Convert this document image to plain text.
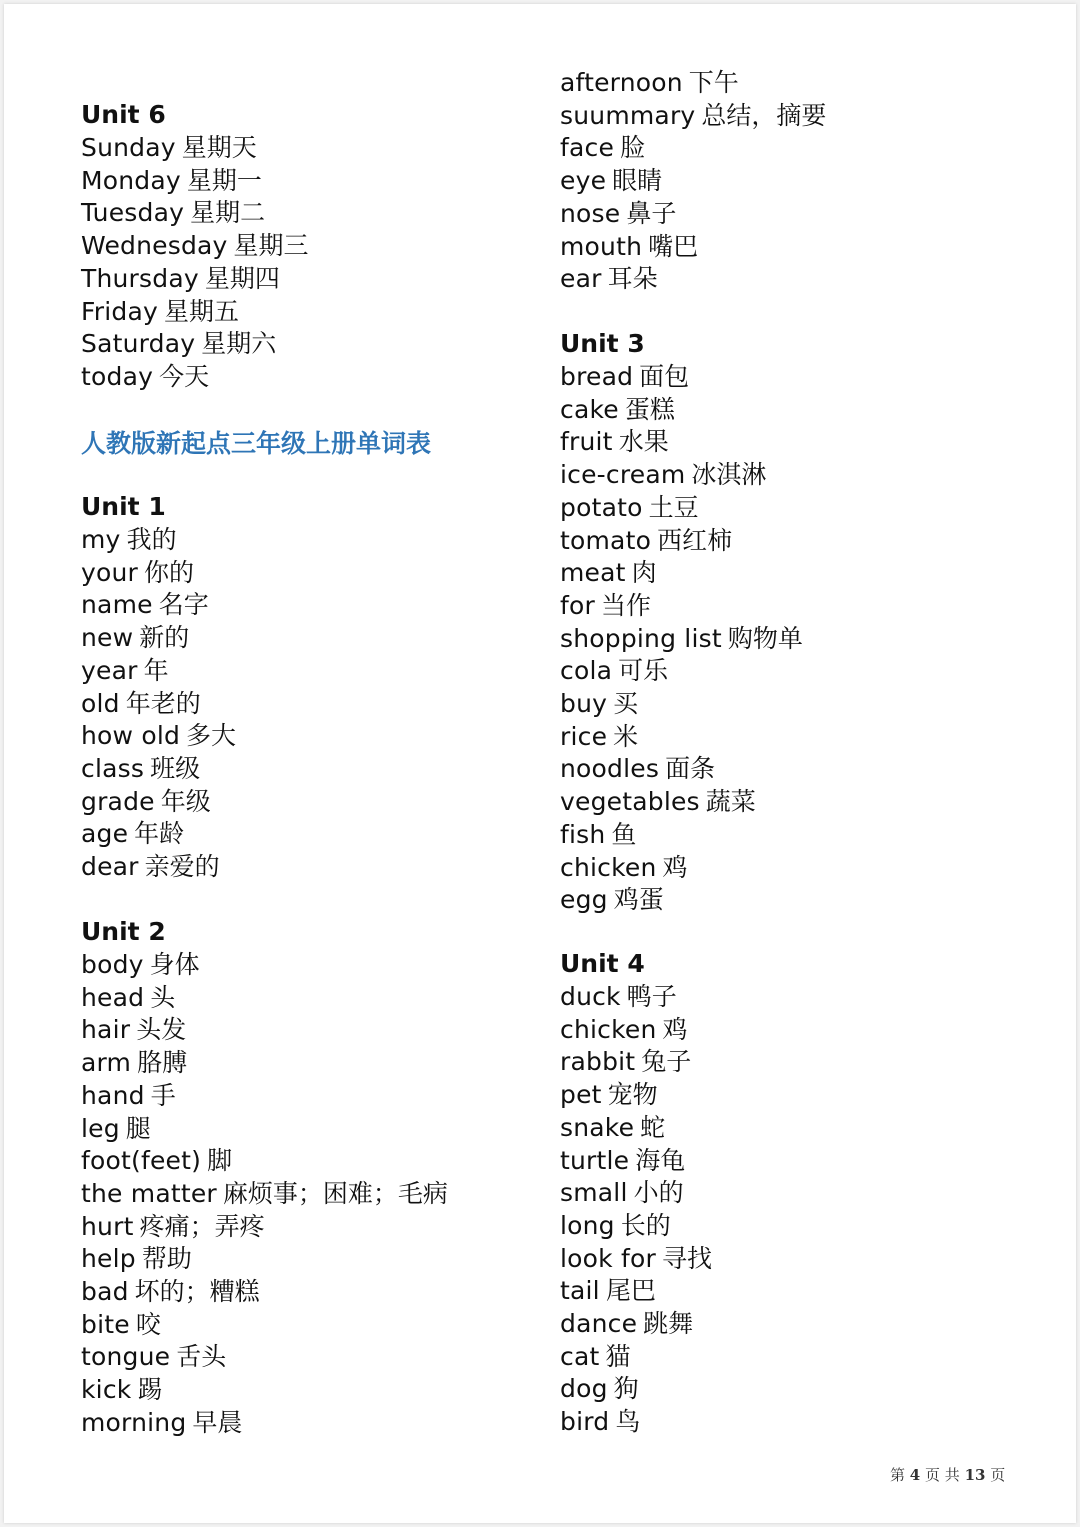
Unit 6
人教版新起点三年级上册单词表
Unit 1
Unit 2
Sunday 星期天
Monday 星期一
Tuesday 星期二
Wednesday 星期三
Thursday 星期四
Friday 星期五
Saturday 星期六
today 今天
my 我的
your 你的
name 名字
new 新的
year 年
old 年老的
how old 多大
class 班级
grade 年级
age 年龄
dear 亲爱的
body 身体
head 头
hair 头发
arm 胳膊
hand 手
leg 腿
foot(feet) 脚
the matter 麻烦事；困难；毛病
hurt 疼痛；弄疼
help 帮助
bad 坏的；糟糕
bite 咬
tongue 舌头
kick 踢
morning 早晨
Unit 3
Unit 4
afternoon 下午
suummary 总结，摘要
face 脸
eye 眼睛
nose 鼻子
mouth 嘴巴
ear 耳朵
bread 面包
cake 蛋糕
fruit 水果
ice-cream 冰淇淋
potato 土豆
tomato 西红柿
meat 肉
for 当作
shopping list 购物单
cola 可乐
buy 买
rice 米
noodles 面条
vegetables 蔬菜
fish 鱼
chicken 鸡
egg 鸡蛋
duck 鸭子
chicken 鸡
rabbit 兔子
pet 宠物
snake 蛇
turtle 海龟
small 小的
long 长的
look for 寻找
tail 尾巴
dance 跳舞
cat 猫
dog 狗
bird 鸟
第 4 页 共 13 页
